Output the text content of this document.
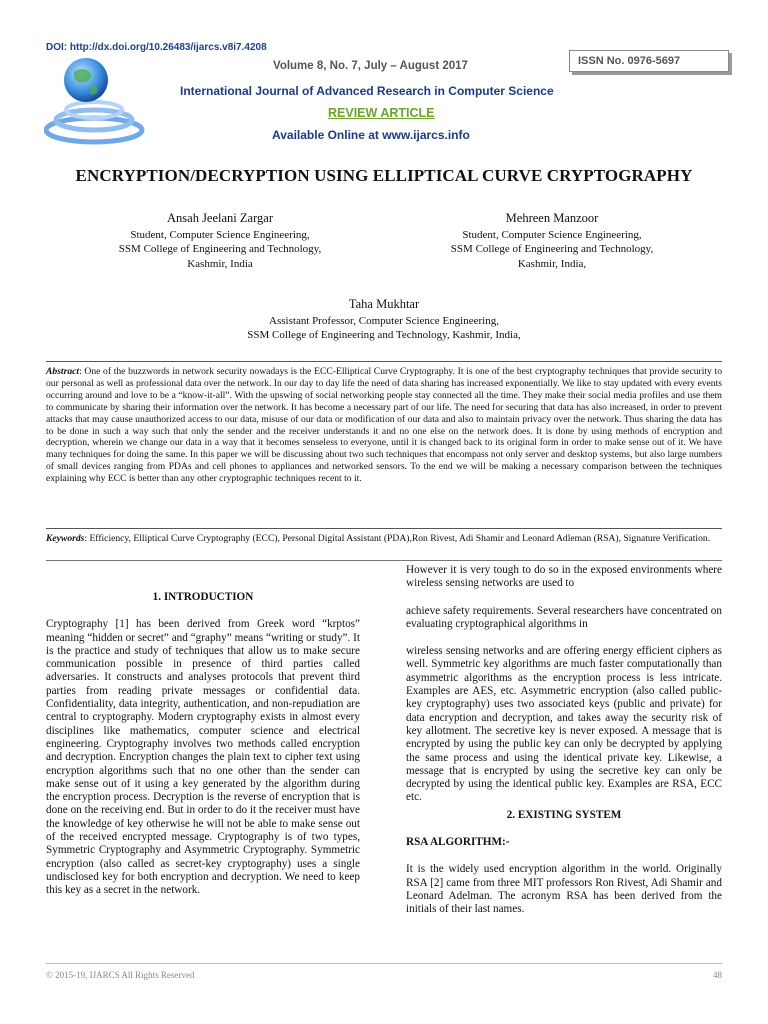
DOI: http://dx.doi.org/10.26483/ijarcs.v8i7.4208
Volume 8, No. 7, July – August 2017	ISSN No. 0976-5697
International Journal of Advanced Research in Computer Science
REVIEW ARTICLE
Available Online at www.ijarcs.info
ENCRYPTION/DECRYPTION USING ELLIPTICAL CURVE CRYPTOGRAPHY
Ansah Jeelani Zargar
Student, Computer Science Engineering,
SSM College of Engineering and Technology,
Kashmir, India
Mehreen Manzoor
Student, Computer Science Engineering,
SSM College of Engineering and Technology,
Kashmir, India,
Taha Mukhtar
Assistant Professor, Computer Science Engineering,
SSM College of Engineering and Technology, Kashmir, India,
Abstract: One of the buzzwords in network security nowadays is the ECC-Elliptical Curve Cryptography. It is one of the best cryptography techniques that provide security to our personal as well as professional data over the network. In our day to day life the need of data sharing has increased exponentially. We like to stay updated with every events occurring around and love to be a “know-it-all”. With the upswing of social networking people stay connected all the time. They make their social media profiles and use them to communicate by sharing their information over the network. It has become a necessary part of our life. The need for securing that data has also increased, in order to prevent attacks that may cause unauthorized access to our data, misuse of our data or modification of our data and also to maintain privacy over the network. Thus sharing the data has to be done in such a way such that only the sender and the receiver understands it and no one else on the network does. It is done by using methods of encryption and decryption, wherein we change our data in a way that it becomes senseless to everyone, until it is changed back to its original form in order to make sense out of it. We have many techniques for doing the same. In this paper we will be discussing about two such techniques that encompass not only server and desktop systems, but also large numbers of small devices ranging from PDAs and cell phones to appliances and networked sensors. To the end we will be making a necessary comparison between the techniques explaining why ECC is better than any other cryptographic techniques recent to it.
Keywords: Efficiency, Elliptical Curve Cryptography (ECC), Personal Digital Assistant (PDA),Ron Rivest, Adi Shamir and Leonard Adleman (RSA), Signature Verification.
1. INTRODUCTION
Cryptography [1] has been derived from Greek word “krptos” meaning “hidden or secret” and “graphy” means “writing or study”. It is the practice and study of techniques that allow us to make secure communication possible in presence of third parties called adversaries. It constructs and analyses protocols that prevent third parties from reading private messages or confidential data. Confidentiality, data integrity, authentication, and non-repudiation are central to cryptography. Modern cryptography exists in almost every disciplines like mathematics, computer science and electrical engineering. Cryptography involves two methods called encryption and decryption. Encryption changes the plain text to cipher text using encryption algorithms such that no one other than the sender can make sense out of it using a key generated by the algorithm during the encryption process. Decryption is the reverse of encryption that is done on the receiving end. But in order to do it the receiver must have the knowledge of key otherwise he will not be able to make sense out of the received encrypted message. Cryptography is of two types, Symmetric Cryptography and Asymmetric Cryptography. Symmetric encryption (also called as secret-key cryptography) uses a single undisclosed key for both encryption and decryption. We need to keep this key as a secret in the network.
However it is very tough to do so in the exposed environments where wireless sensing networks are used to
achieve safety requirements. Several researchers have concentrated on evaluating cryptographical algorithms in
wireless sensing networks and are offering energy efficient ciphers as well. Symmetric key algorithms are much faster computationally than asymmetric algorithms as the encryption process is less intricate. Examples are AES, etc. Asymmetric encryption (also called public-key cryptography) uses two associated keys (public and private) for data encryption and decryption, and takes away the security risk of key allotment. The secretive key is never exposed. A message that is encrypted by using the public key can only be decrypted by applying the same process and using the identical private key. Likewise, a message that is encrypted by using the secretive key can only be decrypted by using the identical public key. Examples are RSA, ECC etc.
2. EXISTING SYSTEM
RSA ALGORITHM:-
It is the widely used encryption algorithm in the world. Originally RSA [2] came from three MIT professors Ron Rivest, Adi Shamir and Leonard Adelman. The acronym RSA has been derived from the initials of their last names.
© 2015-19, IJARCS All Rights Reserved	48
